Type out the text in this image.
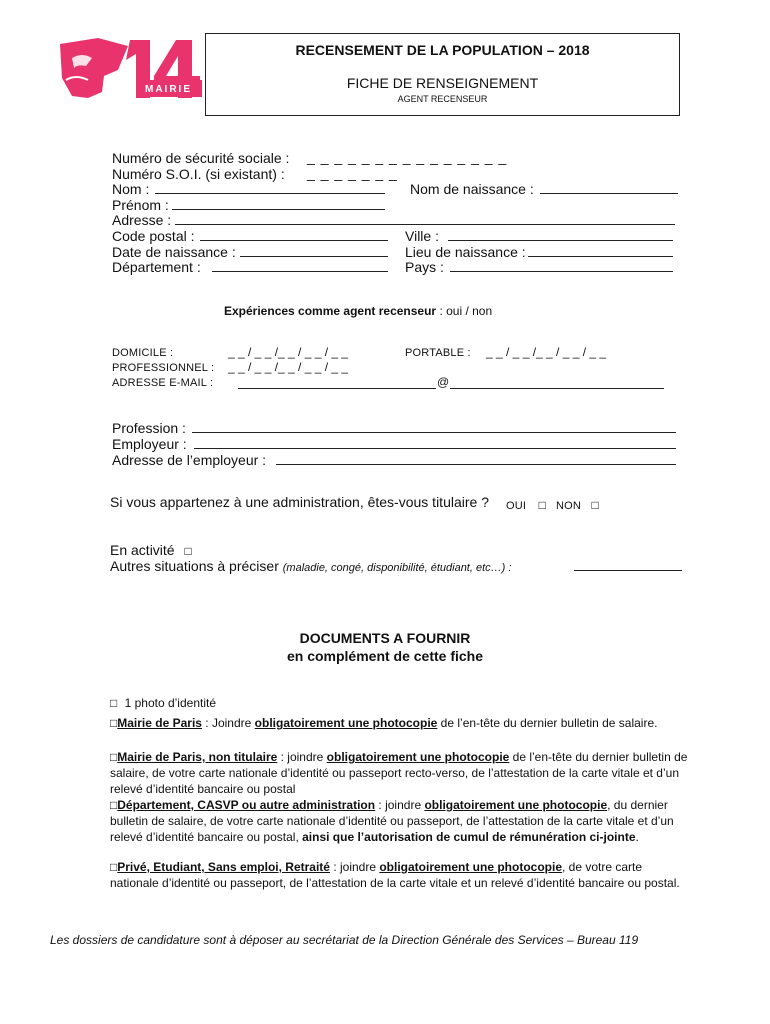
MAIRIE
RECENSEMENT DE LA POPULATION – 2018
FICHE DE RENSEIGNEMENT
AGENT RECENSEUR
Numéro de sécurité sociale : _ _ _ _ _ _ _ _ _ _ _ _ _ _ _
Numéro S.O.I. (si existant) : _ _ _ _ _ _ _
Nom :	Nom de naissance :
Prénom :
Adresse :
Code postal :	Ville :
Date de naissance :	Lieu de naissance :
Département :	Pays :
Expériences comme agent recenseur : oui / non
DOMICILE :	_ _ / _ _ /_ _ / _ _ / _ _	PORTABLE : _ _ / _ _ /_ _ / _ _ / _ _
PROFESSIONNEL : _ _ / _ _ /_ _ / _ _ / _ _
ADRESSE E-MAIL :	@
Profession :
Employeur :
Adresse de l’employeur :
Si vous appartenez à une administration, êtes-vous titulaire ? OUI □ NON □
En activité □
Autres situations à préciser (maladie, congé, disponibilité, étudiant, etc…) :
DOCUMENTS A FOURNIR
en complément de cette fiche
□ 1 photo d’identité
□Mairie de Paris : Joindre obligatoirement une photocopie de l’en-tête du dernier bulletin de salaire.
□Mairie de Paris, non titulaire : joindre obligatoirement une photocopie de l’en-tête du dernier bulletin de salaire, de votre carte nationale d’identité ou passeport recto-verso, de l’attestation de la carte vitale et d’un relevé d’identité bancaire ou postal
□Département, CASVP ou autre administration : joindre obligatoirement une photocopie, du dernier bulletin de salaire, de votre carte nationale d’identité ou passeport, de l’attestation de la carte vitale et d’un relevé d’identité bancaire ou postal, ainsi que l’autorisation de cumul de rémunération ci-jointe.
□Privé, Etudiant, Sans emploi, Retraité : joindre obligatoirement une photocopie, de votre carte nationale d’identité ou passeport, de l’attestation de la carte vitale et un relevé d’identité bancaire ou postal.
Les dossiers de candidature sont à déposer au secrétariat de la Direction Générale des Services – Bureau 119
